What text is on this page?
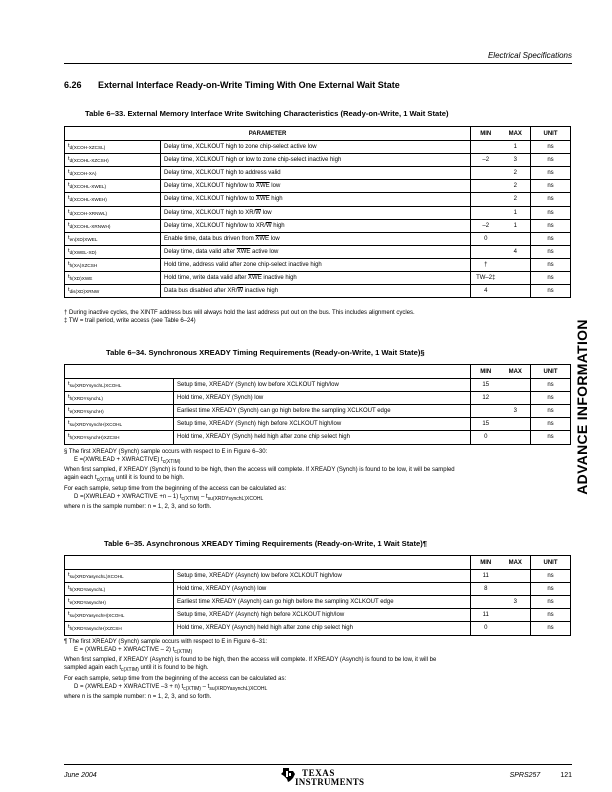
Electrical Specifications
6.26 External Interface Ready-on-Write Timing With One External Wait State
Table 6–33. External Memory Interface Write Switching Characteristics (Ready-on-Write, 1 Wait State)
PARAMETER		MIN	MAX	UNIT
$t_{d(XCOH-XZCSL)}$	Delay time, XCLKOUT high to zone chip-select active low		1	ns
$t_{d(XCOHL-XZCSH)}$	Delay time, XCLKOUT high or low to zone chip-select inactive high	–2	3	ns
$t_{d(XCOH-XA)}$	Delay time, XCLKOUT high to address valid		2	ns
$t_{d(XCOHL-XWEL)}$	Delay time, XCLKOUT high/low to $\overline{XWE}$ low		2	ns
$t_{d(XCOHL-XWEH)}$	Delay time, XCLKOUT high/low to $\overline{XWE}$ high		2	ns
$t_{d(XCOH-XRNWL)}$	Delay time, XCLKOUT high to $XR/\overline{W}$ low		1	ns
$t_{d(XCOHL-XRNWH)}$	Delay time, XCLKOUT high/low to $XR/\overline{W}$ high	–2	1	ns
$t_{en(XD)XWEL}$	Enable time, data bus driven from $\overline{XWE}$ low	0		ns
$t_{d(XWEL-XD)}$	Delay time, data valid after $\overline{XWE}$ active low		4	ns
$t_{h(XA)XZCSH}$	Hold time, address valid after zone chip-select inactive high	†		ns
$t_{h(XD)XWE}$	Hold time, write data valid after $\overline{XWE}$ inactive high	TW–2‡		ns
$t_{dis(XD)XRNW}$	Data bus disabled after $XR/\overline{W}$ inactive high	4		ns
† During inactive cycles, the XINTF address bus will always hold the last address put out on the bus. This includes alignment cycles.
‡ TW = trail period, write access (see Table 6–24)
Table 6–34. Synchronous XREADY Timing Requirements (Ready-on-Write, 1 Wait State)§
		MIN	MAX	UNIT
$t_{su(XRDYsynchL)XCOHL}$	Setup time, XREADY (Synch) low before XCLKOUT high/low	15		ns
$t_{h(XRDYsynchL)}$	Hold time, XREADY (Synch) low	12		ns
$t_{e(XRDYsynchH)}$	Earliest time XREADY (Synch) can go high before the sampling XCLKOUT edge		3	ns
$t_{su(XRDYsynchH)XCOHL}$	Setup time, XREADY (Synch) high before XCLKOUT high/low	15		ns
$t_{h(XRDYsynchH)XZCSH}$	Hold time, XREADY (Synch) held high after zone chip select high	0		ns
§ The first XREADY (Synch) sample occurs with respect to E in Figure 6–30:
E =(XWRLEAD + XWRACTIVE) $t_{c(XTIM)}$
When first sampled, if XREADY (Synch) is found to be high, then the access will complete. If XREADY (Synch) is found to be low, it will be sampled
again each $t_{c(XTIM)}$ until it is found to be high.
For each sample, setup time from the beginning of the access can be calculated as:
D =(XWRLEAD + XWRACTIVE +n – 1) $t_{c(XTIM)} - t_{su(XRDYsynchL)XCOHL}$
where n is the sample number: n = 1, 2, 3, and so forth.
Table 6–35. Asynchronous XREADY Timing Requirements (Ready-on-Write, 1 Wait State)¶
		MIN	MAX	UNIT
$t_{su(XRDYasynchL)XCOHL}$	Setup time, XREADY (Asynch) low before XCLKOUT high/low	11		ns
$t_{h(XRDYasynchL)}$	Hold time, XREADY (Asynch) low	8		ns
$t_{e(XRDYasynchH)}$	Earliest time XREADY (Asynch) can go high before the sampling XCLKOUT edge		3	ns
$t_{su(XRDYasynchH)XCOHL}$	Setup time, XREADY (Asynch) high before XCLKOUT high/low	11		ns
$t_{h(XRDYasynchH)XZCSH}$	Hold time, XREADY (Asynch) held high after zone chip select high	0		ns
¶ The first XREADY (Synch) sample occurs with respect to E in Figure 6–31:
E = (XWRLEAD + XWRACTIVE – 2) $t_{c(XTIM)}$
When first sampled, if XREADY (Asynch) is found to be high, then the access will complete. If XREADY (Asynch) is found to be low, it will be
sampled again each $t_{c(XTIM)}$ until it is found to be high.
For each sample, setup time from the beginning of the access can be calculated as:
D = (XWRLEAD + XWRACTIVE –3 + n) $t_{c(XTIM)} - t_{su(XRDYasynchL)XCOHL}$
where n is the sample number: n = 1, 2, 3, and so forth.
ADVANCE INFORMATION
June 2004	TEXAS
INSTRUMENTS
SPRS257	121
